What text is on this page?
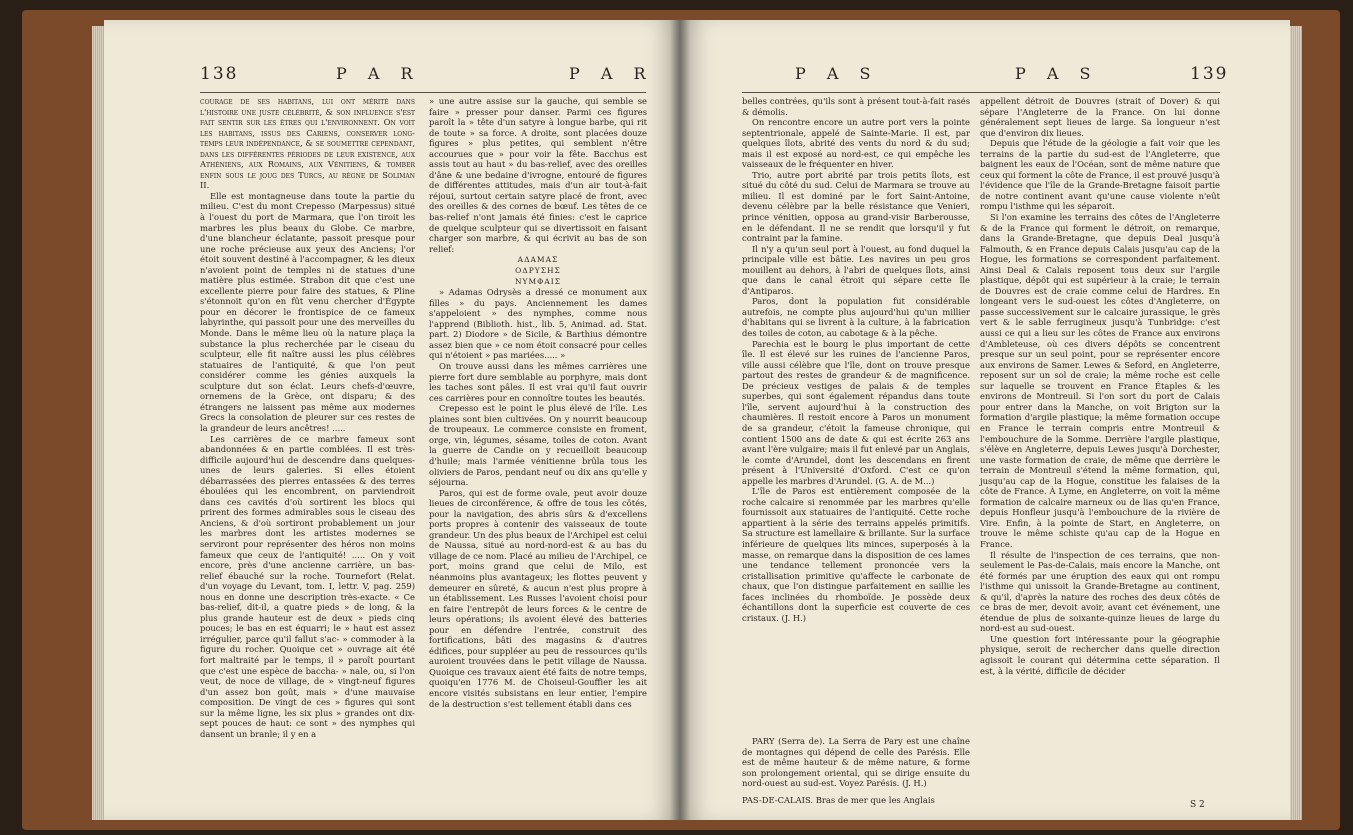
138	P A R	P A R

courage de ses habitans, lui ont mérité dans l'histoire une juste célébrité, & son influence s'est fait sentir sur les êtres qui l'environnent. On voit les habitans, issus des Cariens, conserver long-temps leur indépendance, & se soumettre cependant, dans les différentes périodes de leur existence, aux Athéniens, aux Romains, aux Vénitiens, & tomber enfin sous le joug des Turcs, au règne de Soliman II.

Elle est montagneuse dans toute la partie du milieu. C'est du mont Crepesso (Marpessus) situé à l'ouest du port de Marmara, que l'on tiroit les marbres les plus beaux du Globe. Ce marbre, d'une blancheur éclatante, passoit presque pour une roche précieuse aux yeux des Anciens; l'or étoit souvent destiné à l'accompagner, & les dieux n'avoient point de temples ni de statues d'une matière plus estimée. Strabon dit que c'est une excellente pierre pour faire des statues, & Pline s'étonnoit qu'on en fût venu chercher d'Égypte pour en décorer le frontispice de ce fameux labyrinthe, qui passoit pour une des merveilles du Monde. Dans le même lieu où la nature plaça la substance la plus recherchée par le ciseau du sculpteur, elle fit naître aussi les plus célèbres statuaires de l'antiquité, & que l'on peut considérer comme les génies auxquels la sculpture dut son éclat. Leurs chefs-d'œuvre, ornemens de la Grèce, ont disparu; & des étrangers ne laissent pas même aux modernes Grecs la consolation de pleurer sur ces restes de la grandeur de leurs ancêtres! .....

Les carrières de ce marbre fameux sont abandonnées & en partie comblées. Il est très-difficile aujourd'hui de descendre dans quelques-unes de leurs galeries. Si elles étoient débarrassées des pierres entassées & des terres éboulées qui les encombrent, on parviendroit dans ces cavités d'où sortirent les blocs qui prirent des formes admirables sous le ciseau des Anciens, & d'où sortiront probablement un jour les marbres dont les artistes modernes se serviront pour représenter des héros non moins fameux que ceux de l'antiquité! ..... On y voit encore, près d'une ancienne carrière, un bas-relief ébauché sur la roche. Tournefort (Relat. d'un voyage du Levant, tom. I, lettr. V, pag. 259) nous en donne une description très-exacte. « Ce bas-relief, dit-il, a quatre pieds » de long, & la plus grande hauteur est de deux » pieds cinq pouces; le bas en est équarri; le » haut est assez irrégulier, parce qu'il fallut s'ac- » commoder à la figure du rocher. Quoique cet » ouvrage ait été fort maltraité par le temps, il » paroît pourtant que c'est une espèce de baccha- » nale, ou, si l'on veut, de noce de village, de » vingt-neuf figures d'un assez bon goût, mais » d'une mauvaise composition. De vingt de ces » figures qui sont sur la même ligne, les six plus » grandes ont dix-sept pouces de haut: ce sont » des nymphes qui dansent un branle; il y en a

» une autre assise sur la gauche, qui semble se faire » presser pour danser. Parmi ces figures paroît la » tête d'un satyre à longue barbe, qui rit de toute » sa force. A droite, sont placées douze figures » plus petites, qui semblent n'être accourues que » pour voir la fête. Bacchus est assis tout au haut » du bas-relief, avec des oreilles d'âne & une bedaine d'ivrogne, entouré de figures de différentes attitudes, mais d'un air tout-à-fait réjoui, surtout certain satyre placé de front, avec des oreilles & des cornes de bœuf. Les têtes de ce bas-relief n'ont jamais été finies: c'est le caprice de quelque sculpteur qui se divertissoit en faisant charger son marbre, & qui écrivit au bas de son relief:

ΑΔΑΜΑΣ

ΟΔΡΥΣΗΣ

ΝΥΜΦΑΙΣ

» Adamas Odrysès a dressé ce monument aux filles » du pays. Anciennement les dames s'appeloient » des nymphes, comme nous l'apprend (Biblioth. hist., lib. 5, Animad. ad. Stat. part. 2) Diodore » de Sicile, & Barthius démontre assez bien que » ce nom étoit consacré pour celles qui n'étoient » pas mariées..... »

On trouve aussi dans les mêmes carrières une pierre fort dure semblable au porphyre, mais dont les taches sont pâles. Il est vrai qu'il faut ouvrir ces carrières pour en connoître toutes les beautés.

Crepesso est le point le plus élevé de l'île. Les plaines sont bien cultivées. On y nourrit beaucoup de troupeaux. Le commerce consiste en froment, orge, vin, légumes, sésame, toiles de coton. Avant la guerre de Candie on y recueilloit beaucoup d'huile; mais l'armée vénitienne brûla tous les oliviers de Paros, pendant neuf ou dix ans qu'elle y séjourna.

Paros, qui est de forme ovale, peut avoir douze lieues de circonférence, & offre de tous les côtés, pour la navigation, des abris sûrs & d'excellens ports propres à contenir des vaisseaux de toute grandeur. Un des plus beaux de l'Archipel est celui de Naussa, situé au nord-nord-est & au bas du village de ce nom. Placé au milieu de l'Archipel, ce port, moins grand que celui de Milo, est néanmoins plus avantageux; les flottes peuvent y demeurer en sûreté, & aucun n'est plus propre à un établissement. Les Russes l'avoient choisi pour en faire l'entrepôt de leurs forces & le centre de leurs opérations; ils avoient élevé des batteries pour en défendre l'entrée, construit des fortifications, bâti des magasins & d'autres édifices, pour suppléer au peu de ressources qu'ils auroient trouvées dans le petit village de Naussa. Quoique ces travaux aient été faits de notre temps, quoiqu'en 1776 M. de Choiseul-Gouffier les ait encore visités subsistans en leur entier, l'empire de la destruction s'est tellement établi dans ces

P A S	P A S	139

belles contrées, qu'ils sont à présent tout-à-fait rasés & démolis.

On rencontre encore un autre port vers la pointe septentrionale, appelé de Sainte-Marie. Il est, par quelques îlots, abrité des vents du nord & du sud; mais il est exposé au nord-est, ce qui empêche les vaisseaux de le fréquenter en hiver.

Trio, autre port abrité par trois petits îlots, est situé du côté du sud. Celui de Marmara se trouve au milieu. Il est dominé par le fort Saint-Antoine, devenu célèbre par la belle résistance que Venieri, prince vénitien, opposa au grand-visir Barberousse, en le défendant. Il ne se rendit que lorsqu'il y fut contraint par la famine.

Il n'y a qu'un seul port à l'ouest, au fond duquel la principale ville est bâtie. Les navires un peu gros mouillent au dehors, à l'abri de quelques îlots, ainsi que dans le canal étroit qui sépare cette île d'Antiparos.

Paros, dont la population fut considérable autrefois, ne compte plus aujourd'hui qu'un millier d'habitans qui se livrent à la culture, à la fabrication des toiles de coton, au cabotage & à la pêche.

Parechia est le bourg le plus important de cette île. Il est élevé sur les ruines de l'ancienne Paros, ville aussi célèbre que l'île, dont on trouve presque partout des restes de grandeur & de magnificence. De précieux vestiges de palais & de temples superbes, qui sont également répandus dans toute l'île, servent aujourd'hui à la construction des chaumières. Il restoit encore à Paros un monument de sa grandeur, c'étoit la fameuse chronique, qui contient 1500 ans de date & qui est écrite 263 ans avant l'ère vulgaire; mais il fut enlevé par un Anglais, le comte d'Arundel, dont les descendans en firent présent à l'Université d'Oxford. C'est ce qu'on appelle les marbres d'Arundel. (G. A. de M...)

L'île de Paros est entièrement composée de la roche calcaire si renommée par les marbres qu'elle fournissoit aux statuaires de l'antiquité. Cette roche appartient à la série des terrains appelés primitifs. Sa structure est lamellaire & brillante. Sur la surface inférieure de quelques lits minces, superposés à la masse, on remarque dans la disposition de ces lames une tendance tellement prononcée vers la cristallisation primitive qu'affecte le carbonate de chaux, que l'on distingue parfaitement en saillie les faces inclinées du rhomboïde. Je possède deux échantillons dont la superficie est couverte de ces cristaux. (J. H.)

PARY (Serra de). La Serra de Pary est une chaîne de montagnes qui dépend de celle des Parésis. Elle est de même hauteur & de même nature, & forme son prolongement oriental, qui se dirige ensuite du nord-ouest au sud-est. Voyez Parésis. (J. H.)

PAS-DE-CALAIS. Bras de mer que les Anglais

appellent détroit de Douvres (strait of Dover) & qui sépare l'Angleterre de la France. On lui donne généralement sept lieues de large. Sa longueur n'est que d'environ dix lieues.

Depuis que l'étude de la géologie a fait voir que les terrains de la partie du sud-est de l'Angleterre, que baignent les eaux de l'Océan, sont de même nature que ceux qui forment la côte de France, il est prouvé jusqu'à l'évidence que l'île de la Grande-Bretagne faisoit partie de notre continent avant qu'une cause violente n'eût rompu l'isthme qui les séparoit.

Si l'on examine les terrains des côtes de l'Angleterre & de la France qui forment le détroit, on remarque, dans la Grande-Bretagne, que depuis Deal jusqu'à Falmouth, & en France depuis Calais jusqu'au cap de la Hogue, les formations se correspondent parfaitement. Ainsi Deal & Calais reposent tous deux sur l'argile plastique, dépôt qui est supérieur à la craie; le terrain de Douvres est de craie comme celui de Hardres. En longeant vers le sud-ouest les côtes d'Angleterre, on passe successivement sur le calcaire jurassique, le grès vert & le sable ferrugineux jusqu'à Tunbridge: c'est aussi ce qui a lieu sur les côtes de France aux environs d'Ambleteuse, où ces divers dépôts se concentrent presque sur un seul point, pour se représenter encore aux environs de Samer. Lewes & Seford, en Angleterre, reposent sur un sol de craie; la même roche est celle sur laquelle se trouvent en France Étaples & les environs de Montreuil. Si l'on sort du port de Calais pour entrer dans la Manche, on voit Brigton sur la formation d'argile plastique; la même formation occupe en France le terrain compris entre Montreuil & l'embouchure de la Somme. Derrière l'argile plastique, s'élève en Angleterre, depuis Lewes jusqu'à Dorchester, une vaste formation de craie, de même que derrière le terrain de Montreuil s'étend la même formation, qui, jusqu'au cap de la Hogue, constitue les falaises de la côte de France. À Lyme, en Angleterre, on voit la même formation de calcaire marneux ou de lias qu'en France, depuis Honfleur jusqu'à l'embouchure de la rivière de Vire. Enfin, à la pointe de Start, en Angleterre, on trouve le même schiste qu'au cap de la Hogue en France.

Il résulte de l'inspection de ces terrains, que non-seulement le Pas-de-Calais, mais encore la Manche, ont été formés par une éruption des eaux qui ont rompu l'isthme qui unissoit la Grande-Bretagne au continent, & qu'il, d'après la nature des roches des deux côtés de ce bras de mer, devoit avoir, avant cet événement, une étendue de plus de soixante-quinze lieues de large du nord-est au sud-ouest.

Une question fort intéressante pour la géographie physique, seroit de rechercher dans quelle direction agissoit le courant qui détermina cette séparation. Il est, à la vérité, difficile de décider

S 2
